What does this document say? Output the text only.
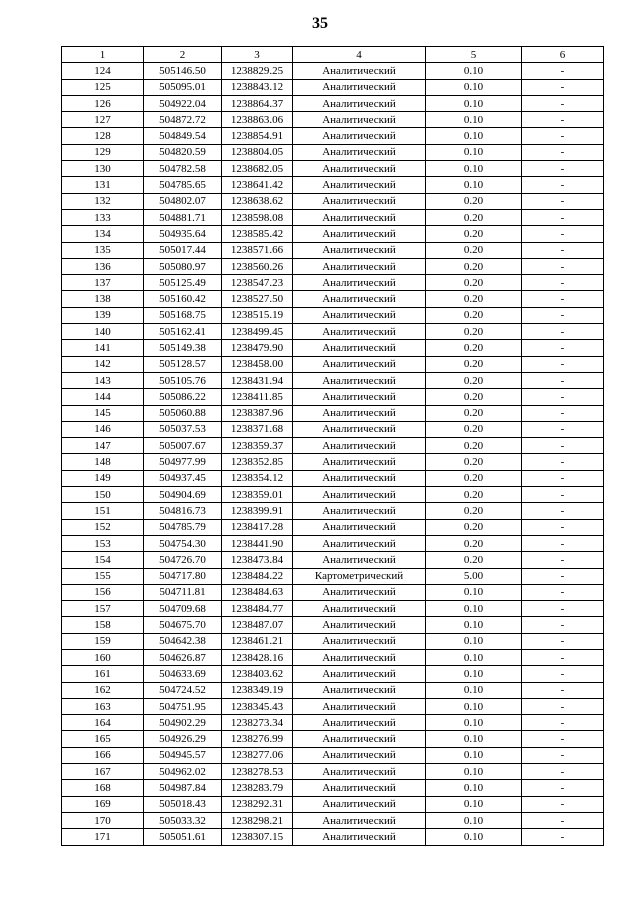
35
1	2	3	4	5	6
124	505146.50	1238829.25	Аналитический	0.10	-
125	505095.01	1238843.12	Аналитический	0.10	-
126	504922.04	1238864.37	Аналитический	0.10	-
127	504872.72	1238863.06	Аналитический	0.10	-
128	504849.54	1238854.91	Аналитический	0.10	-
129	504820.59	1238804.05	Аналитический	0.10	-
130	504782.58	1238682.05	Аналитический	0.10	-
131	504785.65	1238641.42	Аналитический	0.10	-
132	504802.07	1238638.62	Аналитический	0.20	-
133	504881.71	1238598.08	Аналитический	0.20	-
134	504935.64	1238585.42	Аналитический	0.20	-
135	505017.44	1238571.66	Аналитический	0.20	-
136	505080.97	1238560.26	Аналитический	0.20	-
137	505125.49	1238547.23	Аналитический	0.20	-
138	505160.42	1238527.50	Аналитический	0.20	-
139	505168.75	1238515.19	Аналитический	0.20	-
140	505162.41	1238499.45	Аналитический	0.20	-
141	505149.38	1238479.90	Аналитический	0.20	-
142	505128.57	1238458.00	Аналитический	0.20	-
143	505105.76	1238431.94	Аналитический	0.20	-
144	505086.22	1238411.85	Аналитический	0.20	-
145	505060.88	1238387.96	Аналитический	0.20	-
146	505037.53	1238371.68	Аналитический	0.20	-
147	505007.67	1238359.37	Аналитический	0.20	-
148	504977.99	1238352.85	Аналитический	0.20	-
149	504937.45	1238354.12	Аналитический	0.20	-
150	504904.69	1238359.01	Аналитический	0.20	-
151	504816.73	1238399.91	Аналитический	0.20	-
152	504785.79	1238417.28	Аналитический	0.20	-
153	504754.30	1238441.90	Аналитический	0.20	-
154	504726.70	1238473.84	Аналитический	0.20	-
155	504717.80	1238484.22	Картометрический	5.00	-
156	504711.81	1238484.63	Аналитический	0.10	-
157	504709.68	1238484.77	Аналитический	0.10	-
158	504675.70	1238487.07	Аналитический	0.10	-
159	504642.38	1238461.21	Аналитический	0.10	-
160	504626.87	1238428.16	Аналитический	0.10	-
161	504633.69	1238403.62	Аналитический	0.10	-
162	504724.52	1238349.19	Аналитический	0.10	-
163	504751.95	1238345.43	Аналитический	0.10	-
164	504902.29	1238273.34	Аналитический	0.10	-
165	504926.29	1238276.99	Аналитический	0.10	-
166	504945.57	1238277.06	Аналитический	0.10	-
167	504962.02	1238278.53	Аналитический	0.10	-
168	504987.84	1238283.79	Аналитический	0.10	-
169	505018.43	1238292.31	Аналитический	0.10	-
170	505033.32	1238298.21	Аналитический	0.10	-
171	505051.61	1238307.15	Аналитический	0.10	-
